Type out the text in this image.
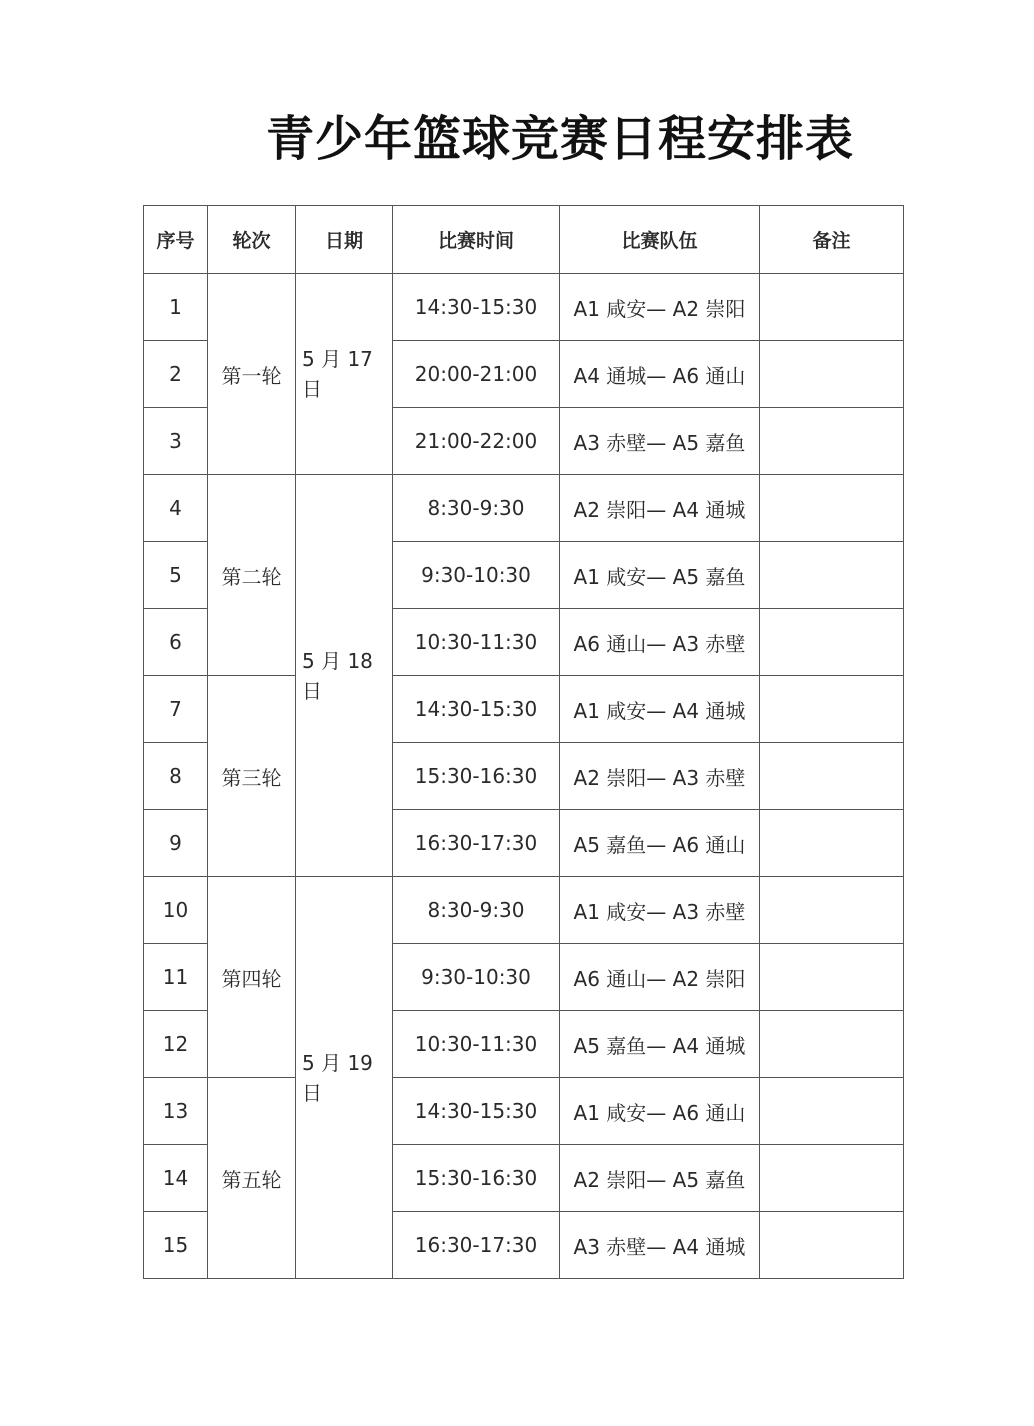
青少年篮球竞赛日程安排表
序号	轮次	日期	比赛时间	比赛队伍	备注
1	第一轮	5 月 17日	14:30-15:30	A1 咸安— A2 崇阳	
2			20:00-21:00	A4 通城— A6 通山	
3			21:00-22:00	A3 赤壁— A5 嘉鱼	
4	第二轮	5 月 18日	8:30-9:30	A2 崇阳— A4 通城	
5			9:30-10:30	A1 咸安— A5 嘉鱼	
6			10:30-11:30	A6 通山— A3 赤壁	
7	第三轮		14:30-15:30	A1 咸安— A4 通城	
8			15:30-16:30	A2 崇阳— A3 赤壁	
9			16:30-17:30	A5 嘉鱼— A6 通山	
10	第四轮	5 月 19日	8:30-9:30	A1 咸安— A3 赤壁	
11			9:30-10:30	A6 通山— A2 崇阳	
12			10:30-11:30	A5 嘉鱼— A4 通城	
13	第五轮		14:30-15:30	A1 咸安— A6 通山	
14			15:30-16:30	A2 崇阳— A5 嘉鱼	
15			16:30-17:30	A3 赤壁— A4 通城	
